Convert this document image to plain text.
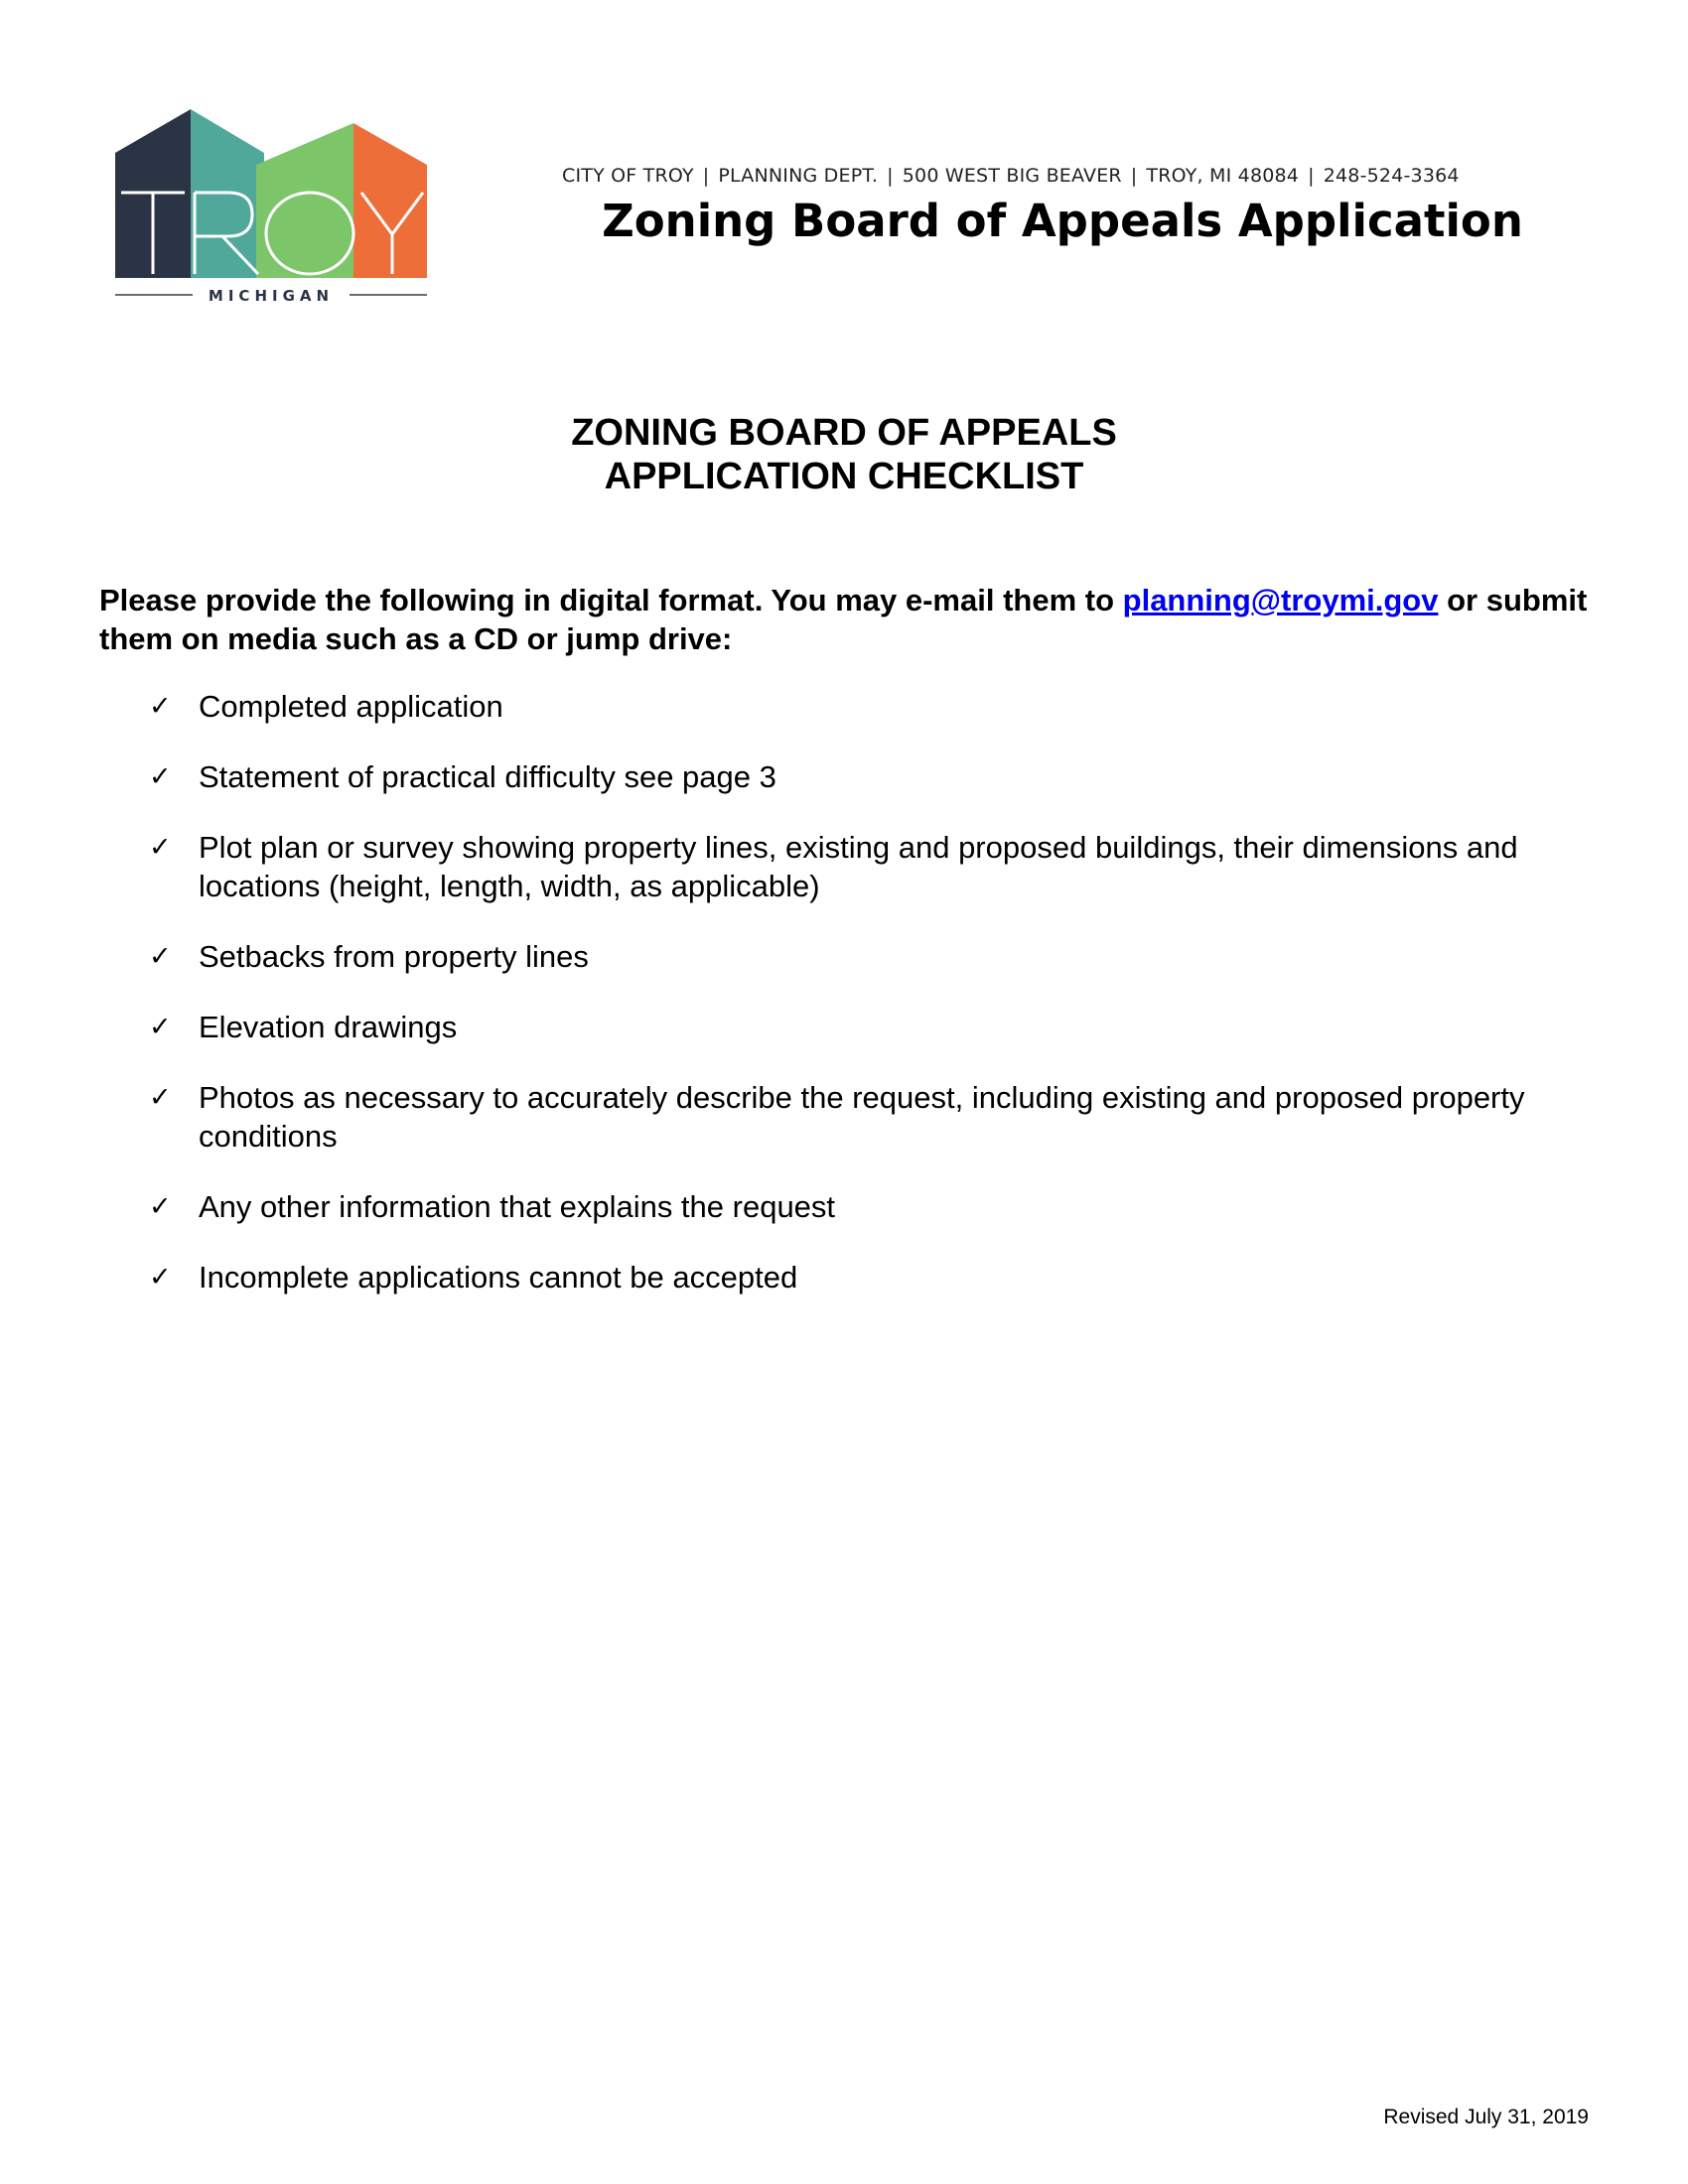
MICHIGAN
CITY OF TROY | PLANNING DEPT. | 500 WEST BIG BEAVER | TROY, MI 48084 | 248-524-3364
Zoning Board of Appeals Application
ZONING BOARD OF APPEALS
APPLICATION CHECKLIST
Please provide the following in digital format. You may e-mail them to planning@troymi.gov or submit them on media such as a CD or jump drive:
✓ Completed application
✓ Statement of practical difficulty see page 3
✓ Plot plan or survey showing property lines, existing and proposed buildings, their dimensions and locations (height, length, width, as applicable)
✓ Setbacks from property lines
✓ Elevation drawings
✓ Photos as necessary to accurately describe the request, including existing and proposed property conditions
✓ Any other information that explains the request
✓ Incomplete applications cannot be accepted
Revised July 31, 2019
